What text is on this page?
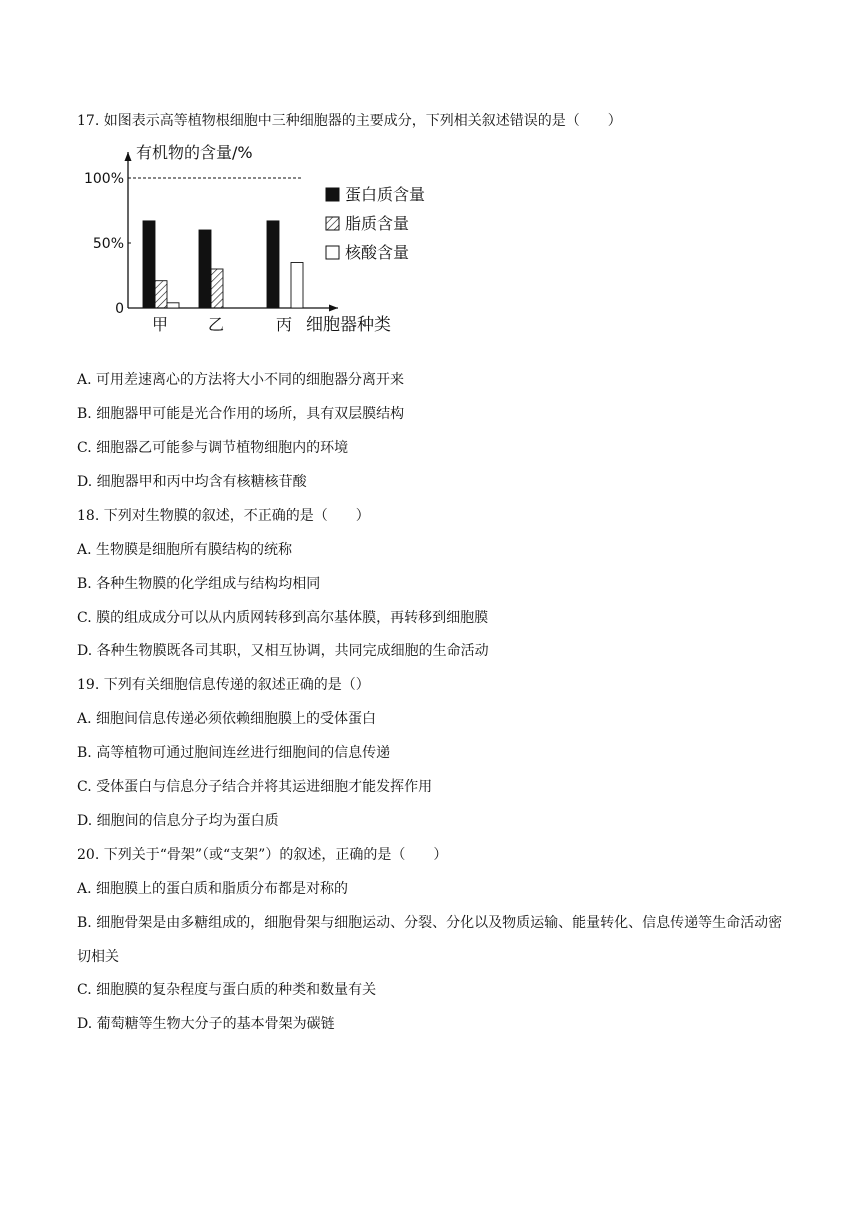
17. 如图表示高等植物根细胞中三种细胞器的主要成分，下列相关叙述错误的是（　　）
0
50%
100%
有机物的含量/%
甲 乙	丙 细胞器种类
蛋白质含量
脂质含量
核酸含量
A. 可用差速离心的方法将大小不同的细胞器分离开来
B. 细胞器甲可能是光合作用的场所，具有双层膜结构
C. 细胞器乙可能参与调节植物细胞内的环境
D. 细胞器甲和丙中均含有核糖核苷酸
18. 下列对生物膜的叙述，不正确的是（　　）
A. 生物膜是细胞所有膜结构的统称
B. 各种生物膜的化学组成与结构均相同
C. 膜的组成成分可以从内质网转移到高尔基体膜，再转移到细胞膜
D. 各种生物膜既各司其职，又相互协调，共同完成细胞的生命活动
19. 下列有关细胞信息传递的叙述正确的是（）
A. 细胞间信息传递必须依赖细胞膜上的受体蛋白
B. 高等植物可通过胞间连丝进行细胞间的信息传递
C. 受体蛋白与信息分子结合并将其运进细胞才能发挥作用
D. 细胞间的信息分子均为蛋白质
20. 下列关于“骨架”（或“支架”）的叙述，正确的是（　　）
A. 细胞膜上的蛋白质和脂质分布都是对称的
B. 细胞骨架是由多糖组成的，细胞骨架与细胞运动、分裂、分化以及物质运输、能量转化、信息传递等生命活动密切相关
C. 细胞膜的复杂程度与蛋白质的种类和数量有关
D. 葡萄糖等生物大分子的基本骨架为碳链
